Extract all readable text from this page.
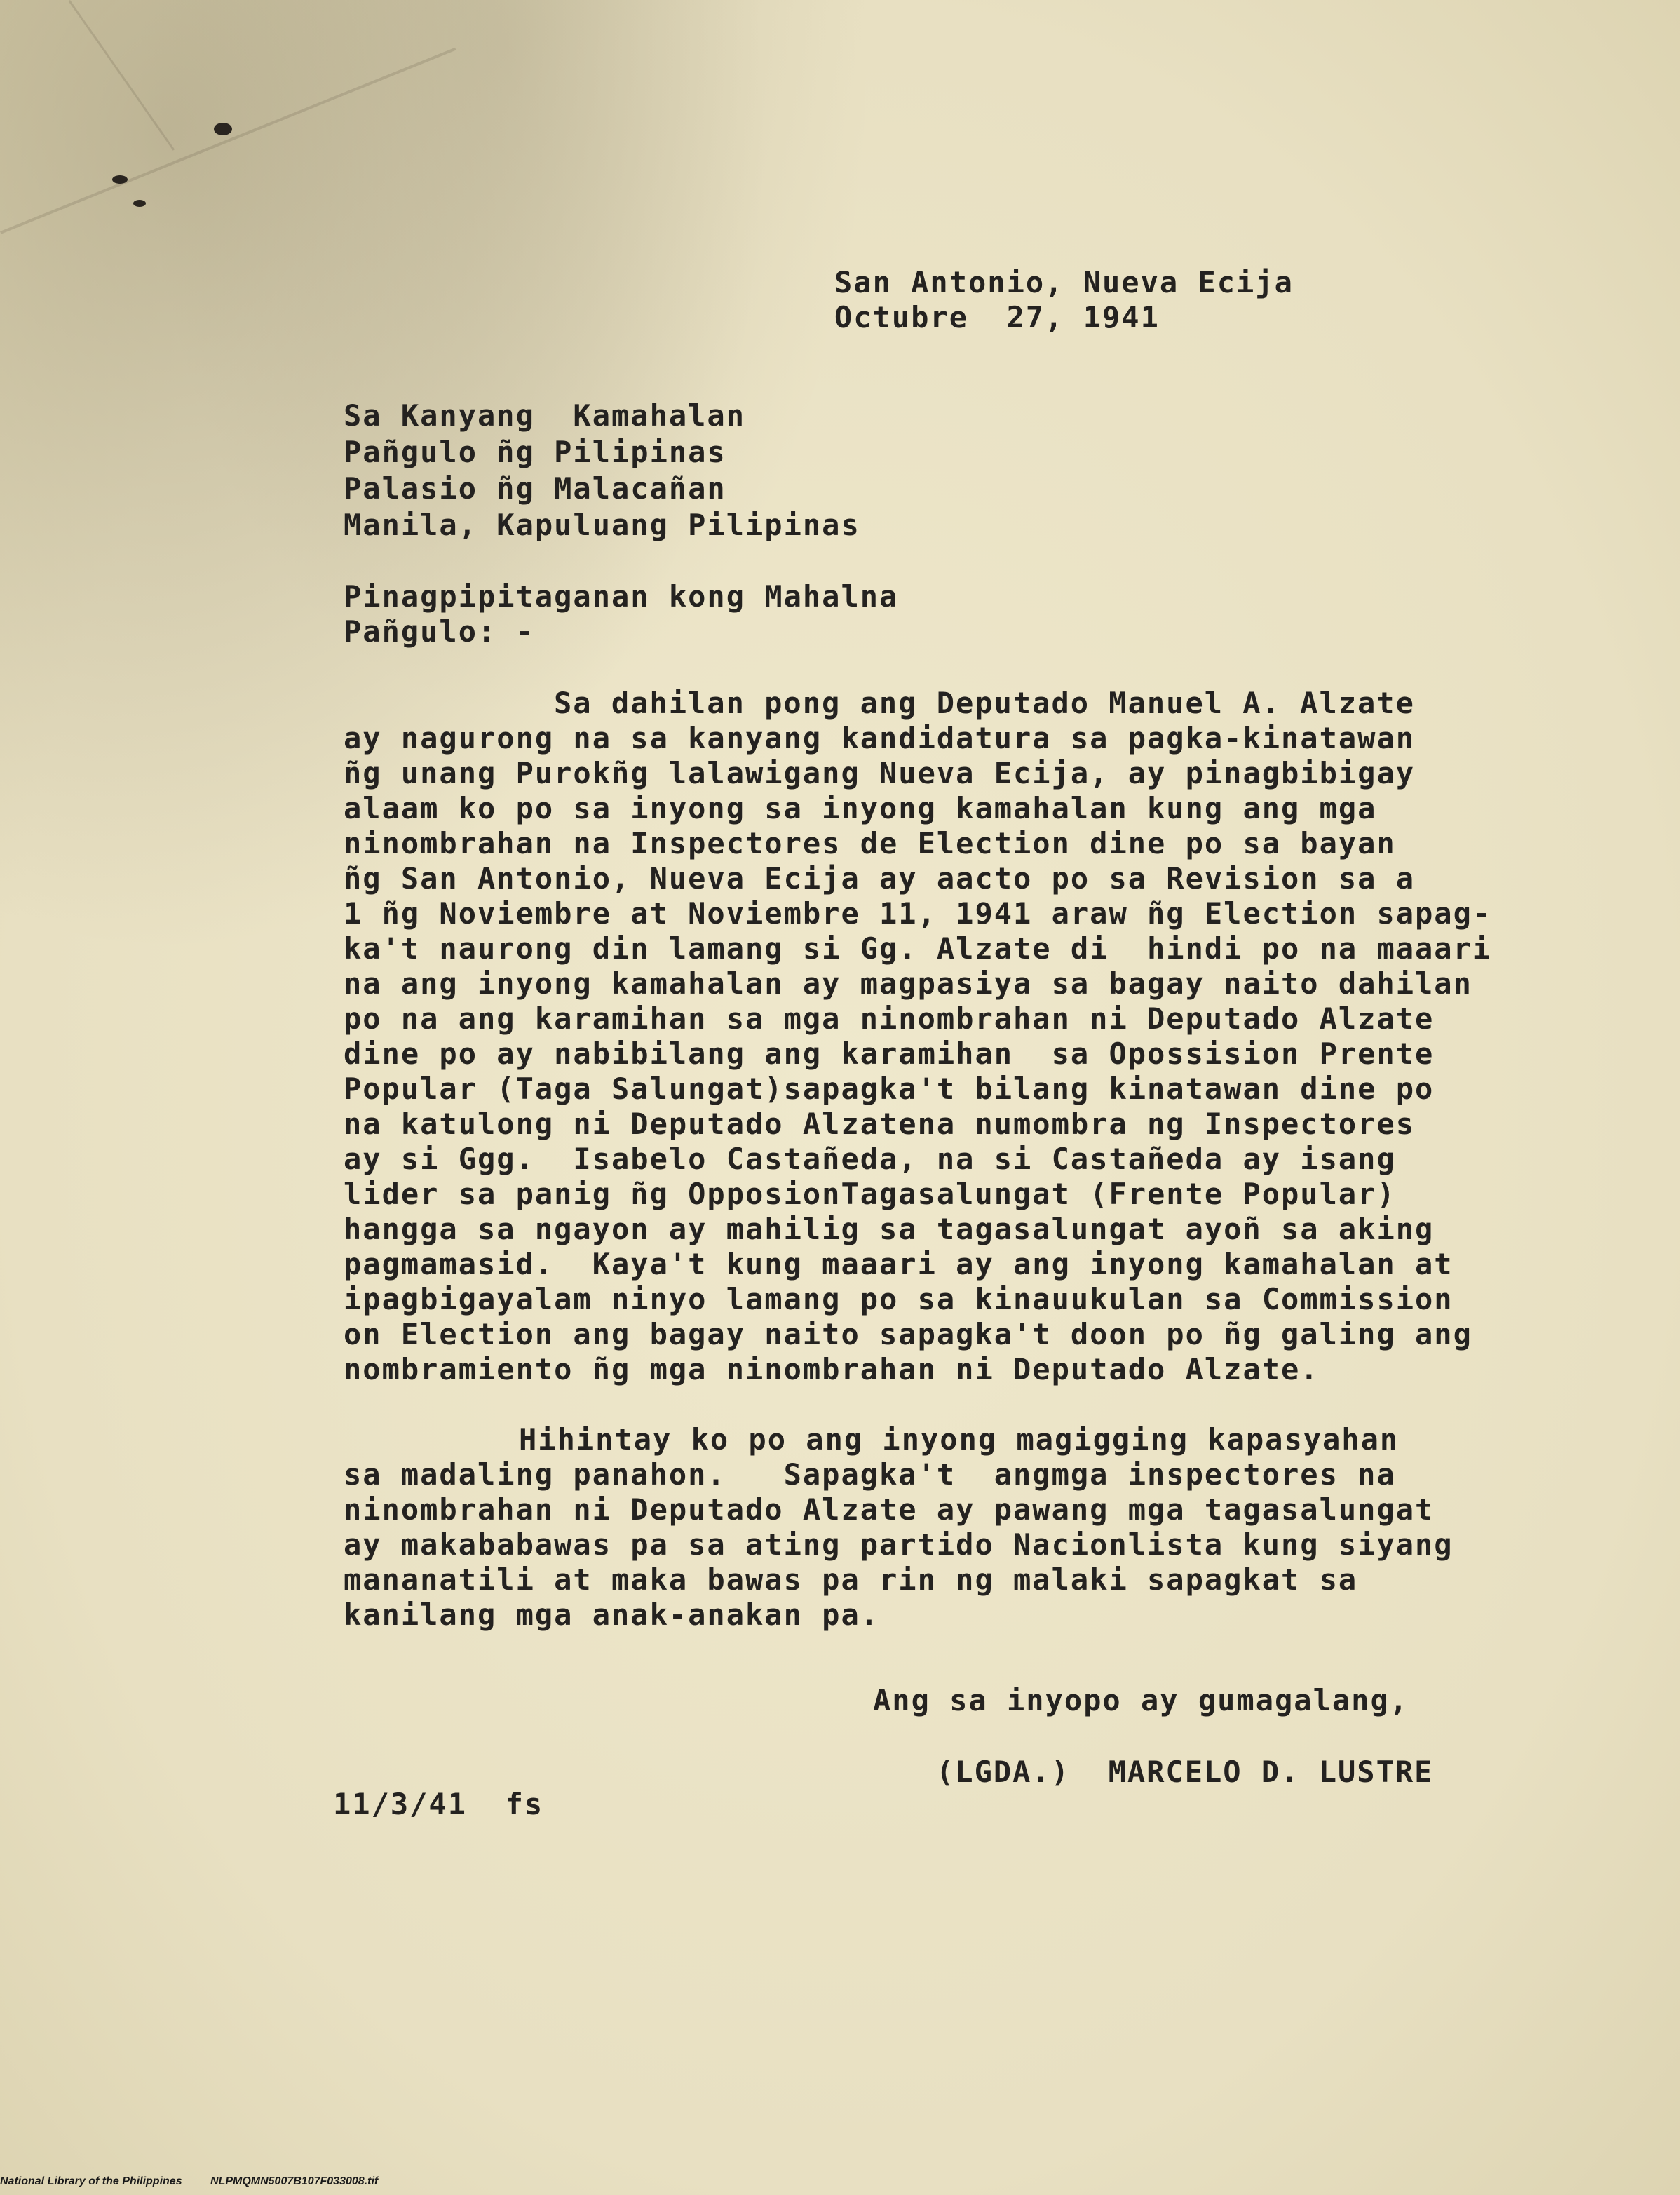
San Antonio, Nueva Ecija
Octubre  27, 1941
Sa Kanyang  Kamahalan
Pañgulo ñg Pilipinas
Palasio ñg Malacañan
Manila, Kapuluang Pilipinas
Pinagpipitaganan kong Mahalna
Pañgulo: -
Sa dahilan pong ang Deputado Manuel A. Alzate
ay nagurong na sa kanyang kandidatura sa pagka-kinatawan
ñg unang Purokñg lalawigang Nueva Ecija, ay pinagbibigay
alaam ko po sa inyong sa inyong kamahalan kung ang mga
ninombrahan na Inspectores de Election dine po sa bayan
ñg San Antonio, Nueva Ecija ay aacto po sa Revision sa a
1 ñg Noviembre at Noviembre 11, 1941 araw ñg Election sapag-
ka't naurong din lamang si Gg. Alzate di  hindi po na maaari
na ang inyong kamahalan ay magpasiya sa bagay naito dahilan
po na ang karamihan sa mga ninombrahan ni Deputado Alzate
dine po ay nabibilang ang karamihan  sa Opossision Prente
Popular (Taga Salungat)sapagka't bilang kinatawan dine po
na katulong ni Deputado Alzatena numombra ng Inspectores
ay si Ggg.  Isabelo Castañeda, na si Castañeda ay isang
lider sa panig ñg OpposionTagasalungat (Frente Popular)
hangga sa ngayon ay mahilig sa tagasalungat ayoñ sa aking
pagmamasid.  Kaya't kung maaari ay ang inyong kamahalan at
ipagbigayalam ninyo lamang po sa kinauukulan sa Commission
on Election ang bagay naito sapagka't doon po ñg galing ang
nombramiento ñg mga ninombrahan ni Deputado Alzate.
Hihintay ko po ang inyong magigging kapasyahan
sa madaling panahon.   Sapagka't  angmga inspectores na
ninombrahan ni Deputado Alzate ay pawang mga tagasalungat
ay makababawas pa sa ating partido Nacionlista kung siyang
mananatili at maka bawas pa rin ng malaki sapagkat sa
kanilang mga anak-anakan pa.
Ang sa inyopo ay gumagalang,
(LGDA.)  MARCELO D. LUSTRE
11/3/41  fs
National Library of the Philippines	NLPMQMN5007B107F033008.tif
